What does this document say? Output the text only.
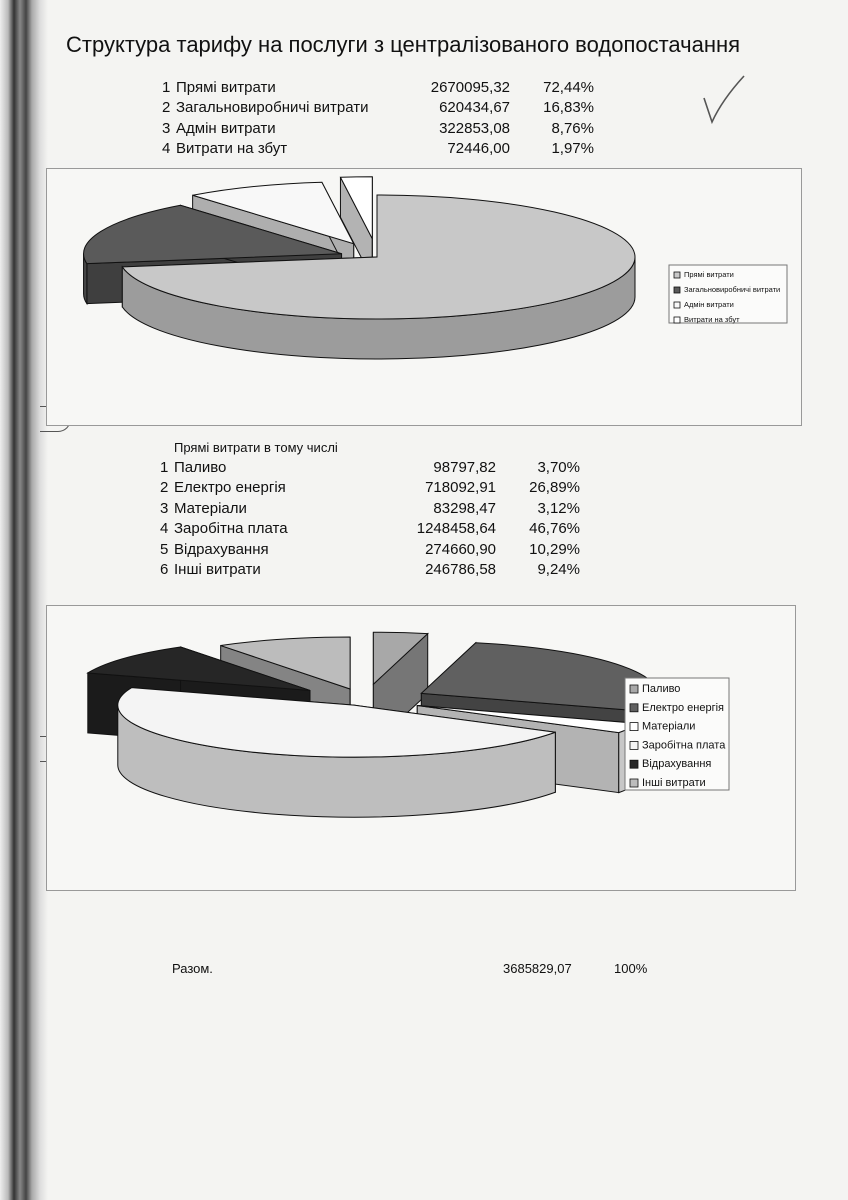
Структура тарифу на послуги з централізованого водопостачання
1	Прямі витрати	2670095,32	72,44%
2	Загальновиробничі витрати	620434,67	16,83%
3	Адмін витрати	322853,08	8,76%
4	Витрати на збут	72446,00	1,97%
Прямі витрати
Загальновиробничі витрати
Адмін витрати
Витрати на збут
Прямі витрати в тому числі
1	Паливо	98797,82	3,70%
2	Електро енергія	718092,91	26,89%
3	Матеріали	83298,47	3,12%
4	Заробітна плата	1248458,64	46,76%
5	Відрахування	274660,90	10,29%
6	Інші витрати	246786,58	9,24%
Паливо
Електро енергія
Матеріали
Заробітна плата
Відрахування
Інші витрати
Разом.	3685829,07	100%
